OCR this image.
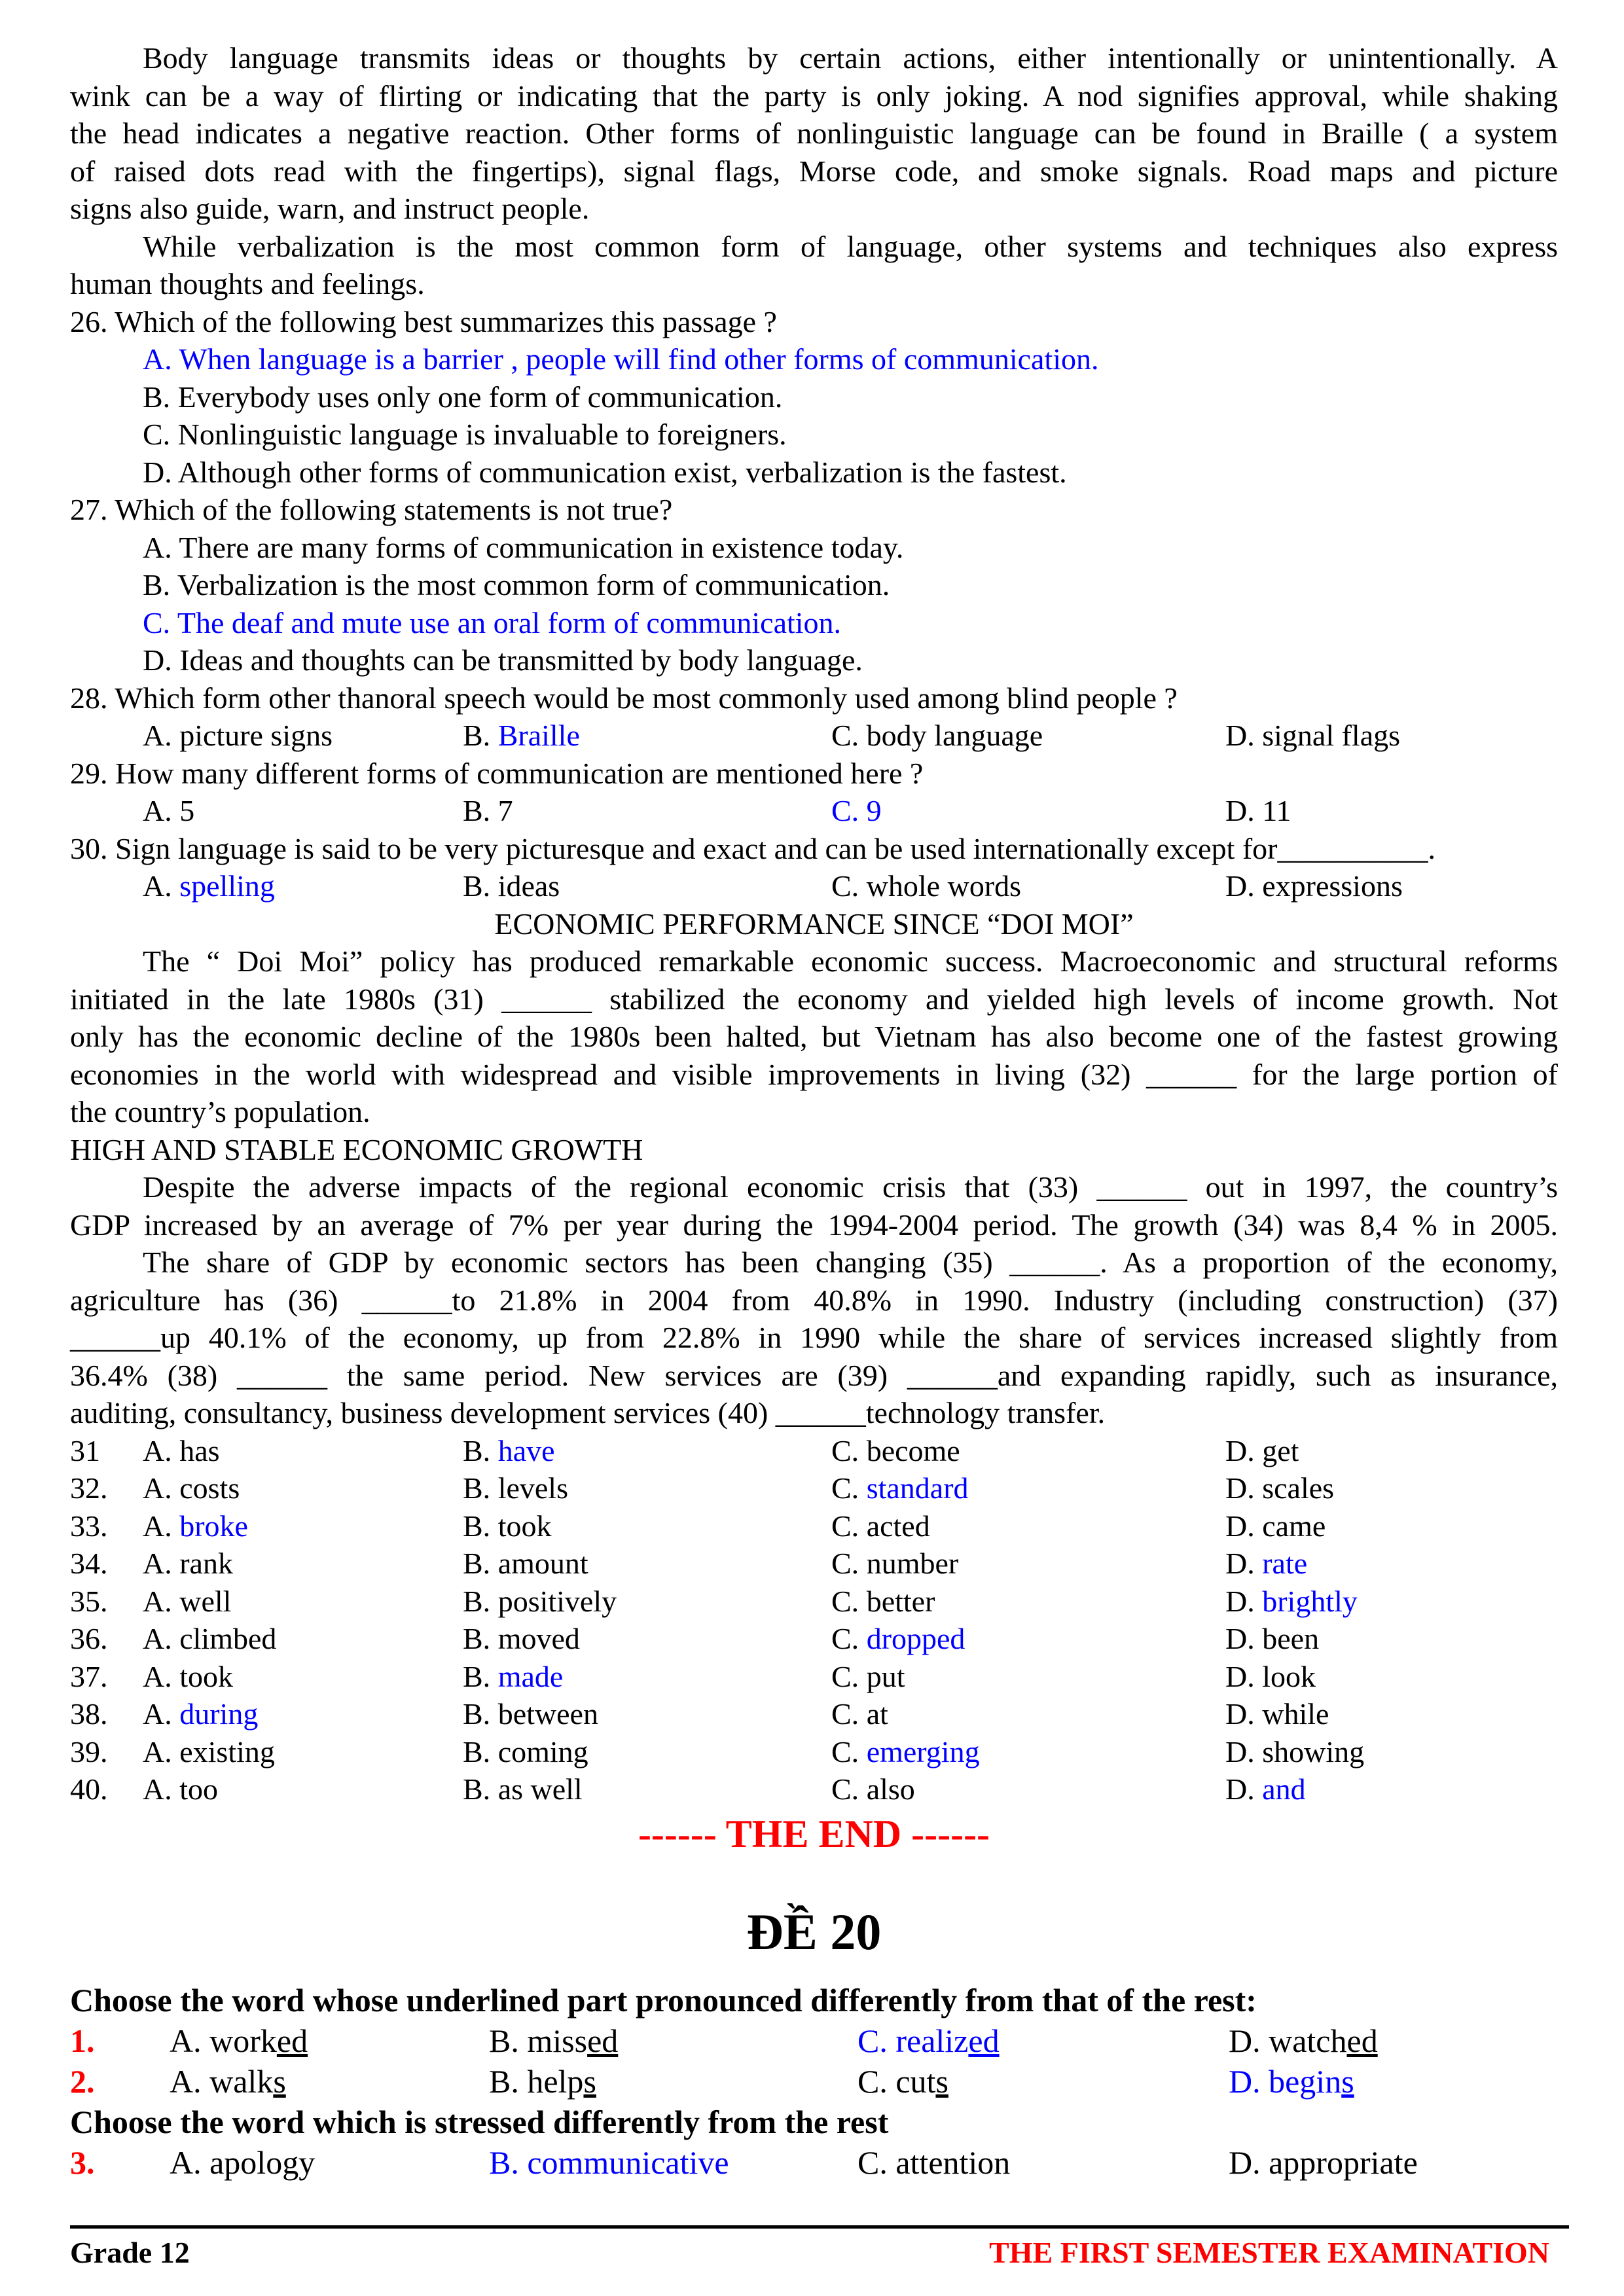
Body language transmits ideas or thoughts by certain actions, either intentionally or unintentionally. A
wink can be a way of flirting or indicating that the party is only joking. A nod signifies approval, while shaking
the head indicates a negative reaction. Other forms of nonlinguistic language can be found in Braille ( a system
of raised dots read with the fingertips), signal flags, Morse code, and smoke signals. Road maps and picture
signs also guide, warn, and instruct people.
While verbalization is the most common form of language, other systems and techniques also express
human thoughts and feelings.
26. Which of the following best summarizes this passage ?
A. When language is a barrier , people will find other forms of communication.
B. Everybody uses only one form of communication.
C. Nonlinguistic language is invaluable to foreigners.
D. Although other forms of communication exist, verbalization is the fastest.
27. Which of the following statements is not true?
A. There are many forms of communication in existence today.
B. Verbalization is the most common form of communication.
C. The deaf and mute use an oral form of communication.
D. Ideas and thoughts can be transmitted by body language.
28. Which form other thanoral speech would be most commonly used among blind people ?
A. picture signs	B. Braille	C. body language	D. signal flags
29. How many different forms of communication are mentioned here ?
A. 5	B. 7	C. 9	D. 11
30. Sign language is said to be very picturesque and exact and can be used internationally except for__________.
A. spelling	B. ideas	C. whole words	D. expressions
ECONOMIC PERFORMANCE SINCE “DOI MOI”
The “ Doi Moi” policy has produced remarkable economic success. Macroeconomic and structural reforms
initiated in the late 1980s (31) ______ stabilized the economy and yielded high levels of income growth. Not
only has the economic decline of the 1980s been halted, but Vietnam has also become one of the fastest growing
economies in the world with widespread and visible improvements in living (32) ______ for the large portion of
the country’s population.
HIGH AND STABLE ECONOMIC GROWTH
Despite the adverse impacts of the regional economic crisis that (33) ______ out in 1997, the country’s
GDP increased by an average of 7% per year during the 1994-2004 period. The growth (34) was 8,4 % in 2005.
The share of GDP by economic sectors has been changing (35) ______. As a proportion of the economy,
agriculture has (36) ______to 21.8% in 2004 from 40.8% in 1990. Industry (including construction) (37)
______up 40.1% of the economy, up from 22.8% in 1990 while the share of services increased slightly from
36.4% (38) ______ the same period. New services are (39) ______and expanding rapidly, such as insurance,
auditing, consultancy, business development services (40) ______technology transfer.
31 A. has	B. have	C. become	D. get
32. A. costs	B. levels	C. standard	D. scales
33. A. broke	B. took	C. acted	D. came
34. A. rank	B. amount	C. number	D. rate
35. A. well	B. positively	C. better	D. brightly
36. A. climbed	B. moved	C. dropped	D. been
37. A. took	B. made	C. put	D. look
38. A. during	B. between	C. at	D. while
39. A. existing	B. coming	C. emerging	D. showing
40. A. too	B. as well	C. also	D. and
------ THE END ------
ĐỀ 20
Choose the word whose underlined part pronounced differently from that of the rest:
1. A. worked	B. missed	C. realized	D. watched
2. A. walks	B. helps	C. cuts	D. begins
Choose the word which is stressed differently from the rest
3. A. apology	B. communicative	C. attention	D. appropriate
Grade 12	THE FIRST SEMESTER EXAMINATION
